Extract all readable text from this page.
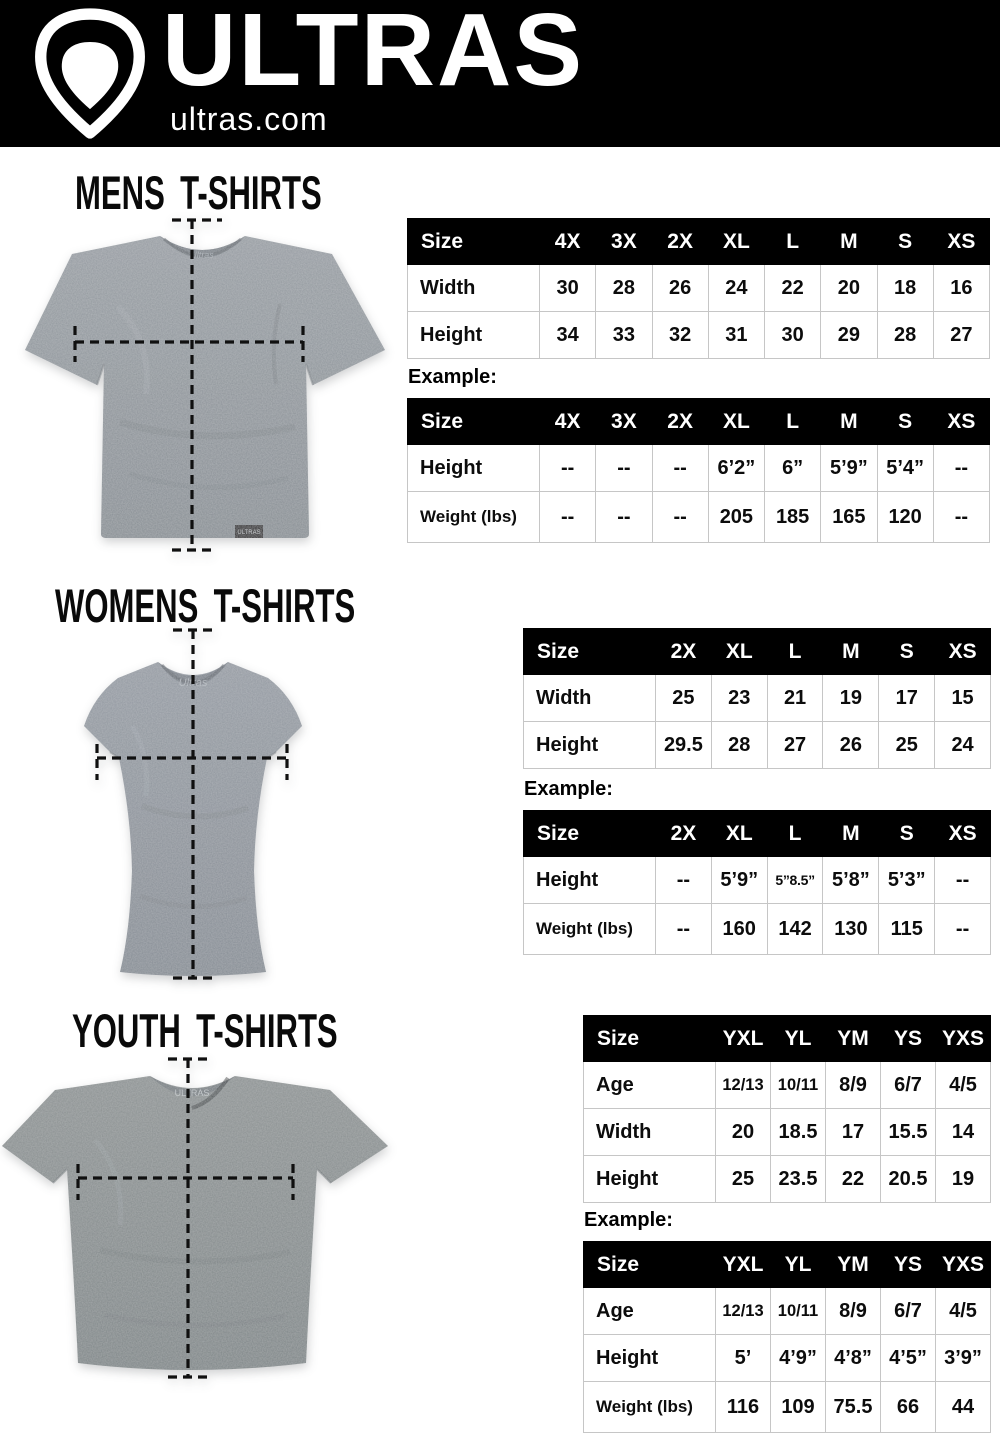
ULTRAS
ultras.com
MENS T-SHIRTS
Ultras
ULTRAS
Size	4X	3X	2X	XL	L	M	S	XS
Width	30	28	26	24	22	20	18	16
Height	34	33	32	31	30	29	28	27
Example:
Size	4X	3X	2X	XL	L	M	S	XS
Height	--	--	--	6’2”	6”	5’9”	5’4”	--
Weight (lbs)	--	--	--	205	185	165	120	--
WOMENS T-SHIRTS
Ultras
Size	2X	XL	L	M	S	XS
Width	25	23	21	19	17	15
Height	29.5	28	27	26	25	24
Example:
Size	2X	XL	L	M	S	XS
Height	--	5’9”	5”8.5”	5’8”	5’3”	--
Weight (lbs)	--	160	142	130	115	--
YOUTH T-SHIRTS
ULTRAS
Size	YXL	YL	YM	YS	YXS
Age	12/13	10/11	8/9	6/7	4/5
Width	20	18.5	17	15.5	14
Height	25	23.5	22	20.5	19
Example:
Size	YXL	YL	YM	YS	YXS
Age	12/13	10/11	8/9	6/7	4/5
Height	5’	4’9”	4’8”	4’5”	3’9”
Weight (lbs)	116	109	75.5	66	44
